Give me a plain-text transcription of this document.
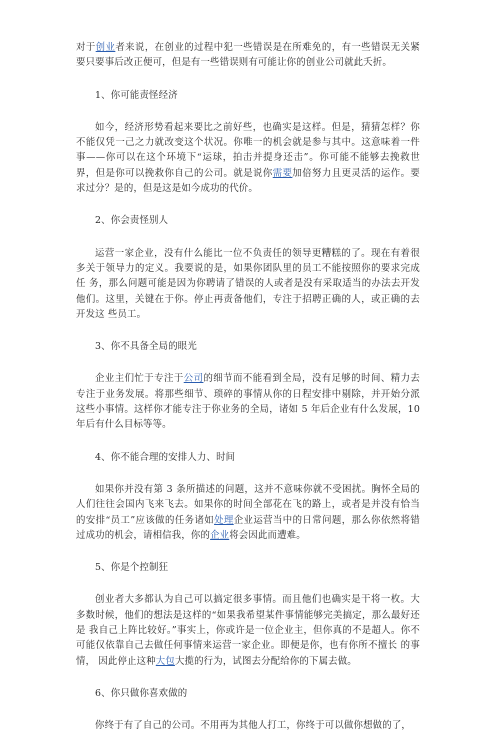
对于创业者来说，在创业的过程中犯一些错误是在所难免的，有一些错误无关紧要只要事后改正便可，但是有一些错误则有可能让你的创业公司就此夭折。

1、你可能责怪经济

如今，经济形势看起来要比之前好些，也确实是这样。但是，猜猜怎样？你不能仅凭一己之力就改变这个状况。你唯一的机会就是参与其中。这意味着一件事——你可以在这个环境下“运球，拍击并提身还击”。你可能不能够去挽救世界，但是你可以挽救你自己的公司。就是说你需要加倍努力且更灵活的运作。要求过分？是的，但是这是如今成功的代价。

2、你会责怪别人

运营一家企业，没有什么能比一位不负责任的领导更糟糕的了。现在有着很多关于领导力的定义。我要说的是，如果你团队里的员工不能按照你的要求完成任 务，那么问题可能是因为你聘请了错误的人或者是没有采取适当的办法去开发他们。这里，关键在于你。停止再责备他们，专注于招聘正确的人，或正确的去开发这 些员工。

3、你不具备全局的眼光

企业主们忙于专注于公司的细节而不能看到全局，没有足够的时间、精力去专注于业务发展。将那些细节、琐碎的事情从你的日程安排中剔除，并开始分派这些小事情。这样你才能专注于你业务的全局，诸如 5 年后企业有什么发展，10 年后有什么目标等等。

4、你不能合理的安排人力、时间

如果你并没有第 3 条所描述的问题，这并不意味你就不受困扰。胸怀全局的人们往往会国内飞来飞去。如果你的时间全部花在飞的路上，或者是并没有恰当的安排“员工”应该做的任务诸如处理企业运营当中的日常问题，那么你依然将错过成功的机会，请相信我，你的企业将会因此而遭难。

5、你是个控制狂

创业者大多都认为自己可以搞定很多事情。而且他们也确实是干将一枚。大多数时候，他们的想法是这样的“如果我希望某件事情能够完美搞定，那么最好还是 我自己上阵比较好。”事实上，你或许是一位企业主，但你真的不是超人。你不可能仅依靠自己去做任何事情来运营一家企业。即便是你，也有你所不擅长 的事情， 因此停止这种大包大揽的行为，试图去分配给你的下属去做。

6、你只做你喜欢做的

你终于有了自己的公司。不用再为其他人打工，你终于可以做你想做的了，
